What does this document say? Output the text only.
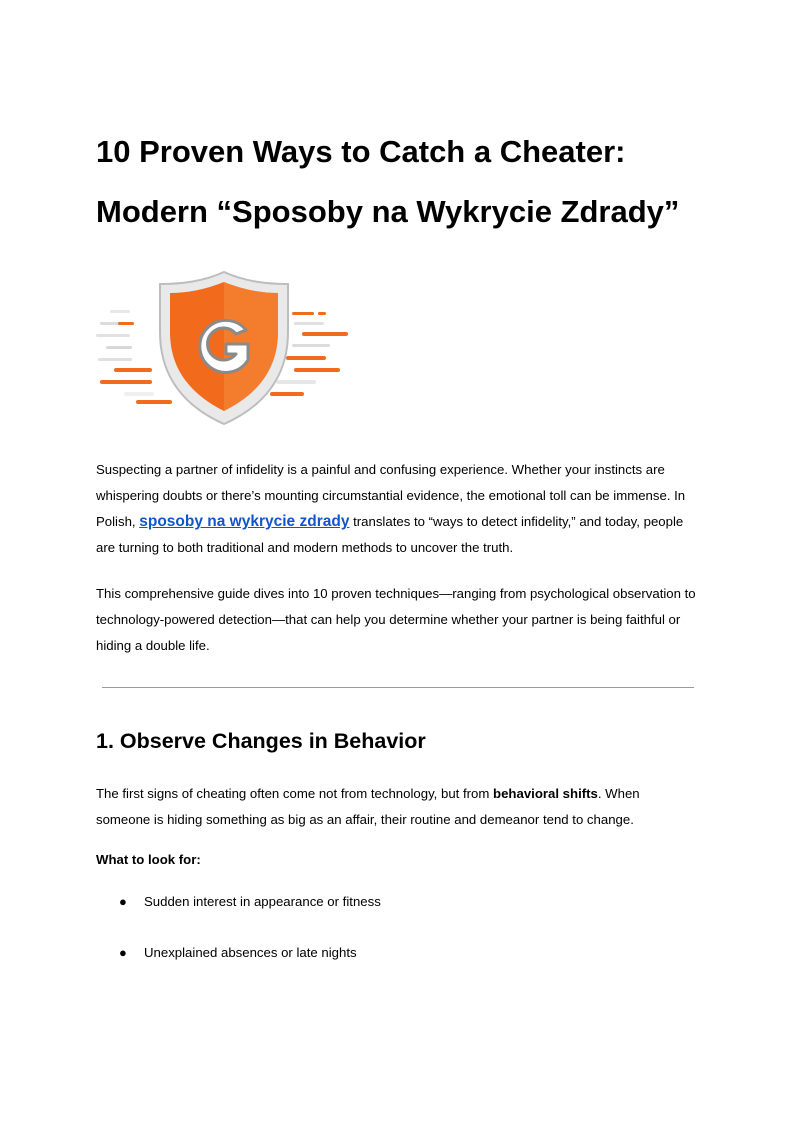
10 Proven Ways to Catch a Cheater: Modern “Sposoby na Wykrycie Zdrady”

Suspecting a partner of infidelity is a painful and confusing experience. Whether your instincts are whispering doubts or there’s mounting circumstantial evidence, the emotional toll can be immense. In Polish, sposoby na wykrycie zdrady translates to “ways to detect infidelity,” and today, people are turning to both traditional and modern methods to uncover the truth.

This comprehensive guide dives into 10 proven techniques—ranging from psychological observation to technology-powered detection—that can help you determine whether your partner is being faithful or hiding a double life.

1. Observe Changes in Behavior

The first signs of cheating often come not from technology, but from behavioral shifts. When someone is hiding something as big as an affair, their routine and demeanor tend to change.

What to look for:

● Sudden interest in appearance or fitness
● Unexplained absences or late nights
